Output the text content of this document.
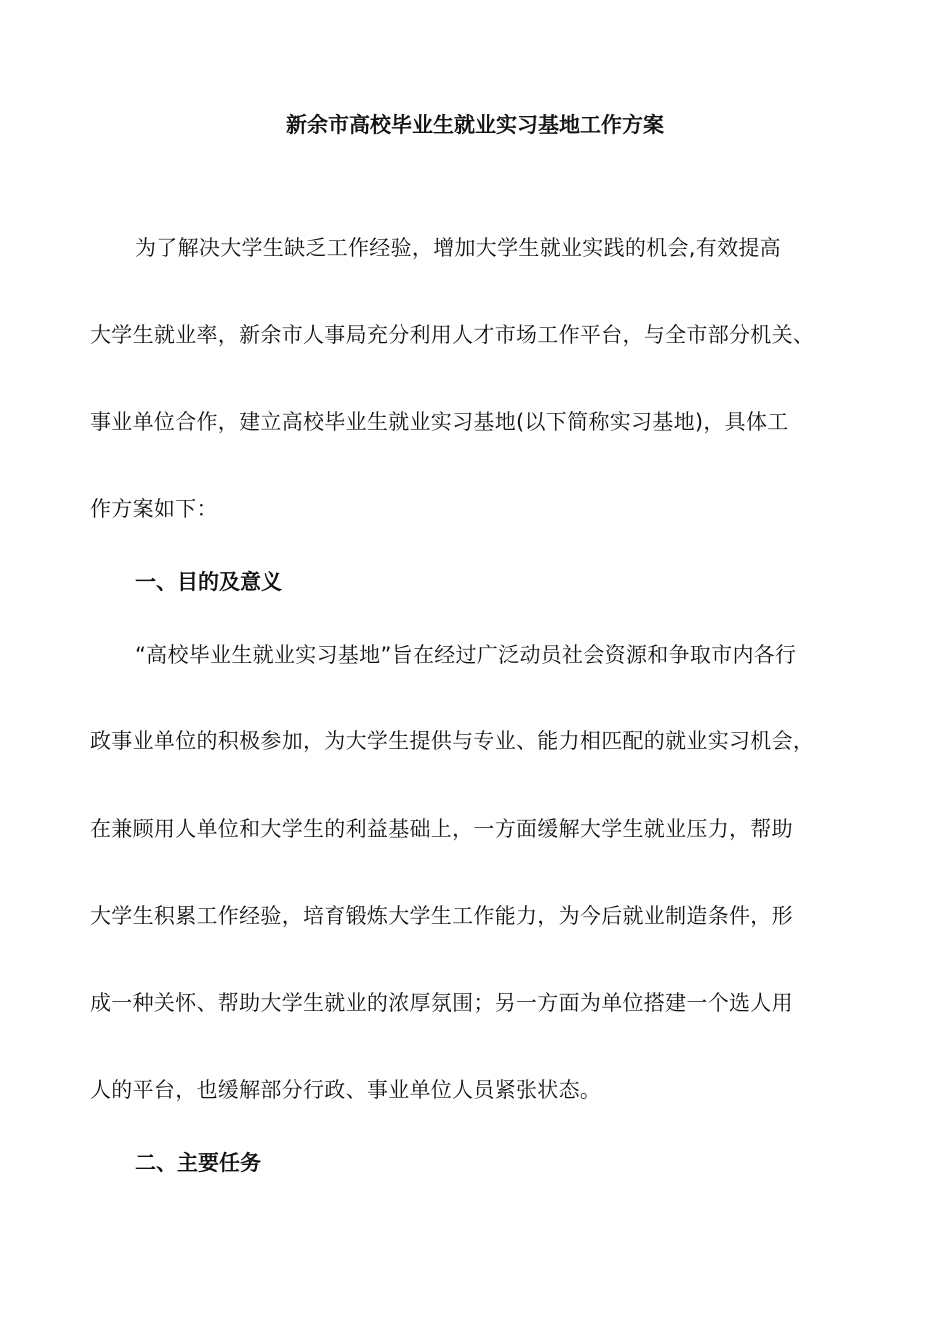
新余市高校毕业生就业实习基地工作方案
为了解决大学生缺乏工作经验，增加大学生就业实践的机会,有效提高
大学生就业率，新余市人事局充分利用人才市场工作平台，与全市部分机关、
事业单位合作，建立高校毕业生就业实习基地(以下简称实习基地)，具体工
作方案如下：
一、目的及意义
“高校毕业生就业实习基地”旨在经过广泛动员社会资源和争取市内各行
政事业单位的积极参加，为大学生提供与专业、能力相匹配的就业实习机会，
在兼顾用人单位和大学生的利益基础上，一方面缓解大学生就业压力，帮助
大学生积累工作经验，培育锻炼大学生工作能力，为今后就业制造条件，形
成一种关怀、帮助大学生就业的浓厚氛围；另一方面为单位搭建一个选人用
人的平台，也缓解部分行政、事业单位人员紧张状态。
二、主要任务
